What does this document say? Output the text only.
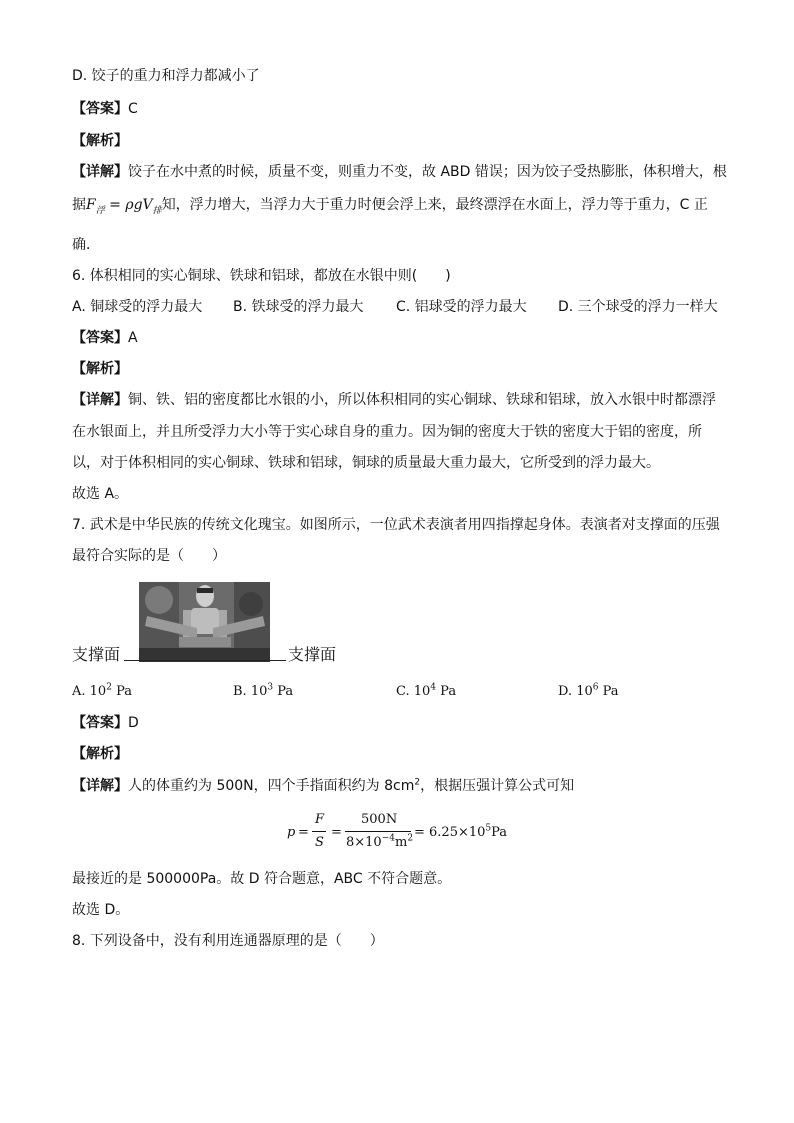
D. 饺子的重力和浮力都减小了
【答案】C
【解析】
【详解】饺子在水中煮的时候，质量不变，则重力不变，故 ABD 错误；因为饺子受热膨胀，体积增大，根
据$F_浮 = \rho gV_排$知，浮力增大，当浮力大于重力时便会浮上来，最终漂浮在水面上，浮力等于重力，C 正
确．
6. 体积相同的实心铜球、铁球和铝球，都放在水银中则(　　)
A. 铜球受的浮力最大 B. 铁球受的浮力最大 C. 铝球受的浮力最大 D. 三个球受的浮力一样大
【答案】A
【解析】
【详解】铜、铁、铝的密度都比水银的小，所以体积相同的实心铜球、铁球和铝球，放入水银中时都漂浮
在水银面上，并且所受浮力大小等于实心球自身的重力。因为铜的密度大于铁的密度大于铝的密度，所
以，对于体积相同的实心铜球、铁球和铝球，铜球的质量最大重力最大，它所受到的浮力最大。
故选 A。
7. 武术是中华民族的传统文化瑰宝。如图所示，一位武术表演者用四指撑起身体。表演者对支撑面的压强
最符合实际的是（　　）
支撑面	支撑面
A. $10^2$ Pa	B. $10^3$ Pa	C. $10^4$ Pa	D. $10^6$ Pa
【答案】D
【解析】
【详解】人的体重约为 500N，四个手指面积约为 $8cm^2$，根据压强计算公式可知
p =
F
S
=
500N
$8\times 10^{-4}m^2 = 6.25\times 10^5Pa$
最接近的是 500000Pa。故 D 符合题意，ABC 不符合题意。
故选 D。
8. 下列设备中，没有利用连通器原理的是（　　）
